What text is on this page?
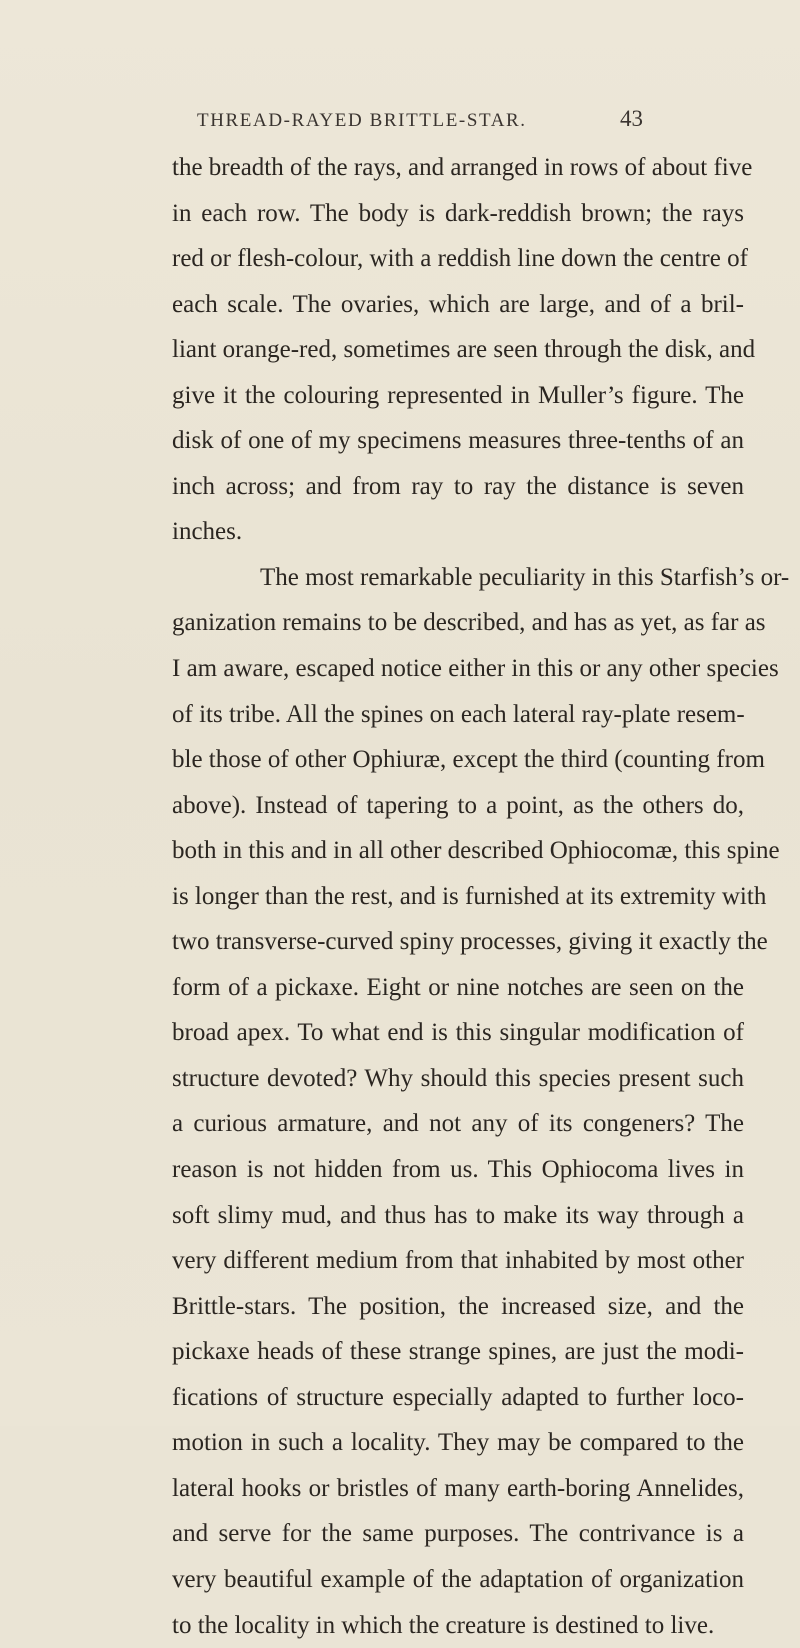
THREAD-RAYED BRITTLE-STAR.	43
the breadth of the rays, and arranged in rows of about five
in each row. The body is dark-reddish brown; the rays
red or flesh-colour, with a reddish line down the centre of
each scale. The ovaries, which are large, and of a bril-
liant orange-red, sometimes are seen through the disk, and
give it the colouring represented in Muller’s figure. The
disk of one of my specimens measures three-tenths of an
inch across; and from ray to ray the distance is seven
inches.
The most remarkable peculiarity in this Starfish’s or-
ganization remains to be described, and has as yet, as far as
I am aware, escaped notice either in this or any other species
of its tribe. All the spines on each lateral ray-plate resem-
ble those of other Ophiuræ, except the third (counting from
above). Instead of tapering to a point, as the others do,
both in this and in all other described Ophiocomæ, this spine
is longer than the rest, and is furnished at its extremity with
two transverse-curved spiny processes, giving it exactly the
form of a pickaxe. Eight or nine notches are seen on the
broad apex. To what end is this singular modification of
structure devoted? Why should this species present such
a curious armature, and not any of its congeners? The
reason is not hidden from us. This Ophiocoma lives in
soft slimy mud, and thus has to make its way through a
very different medium from that inhabited by most other
Brittle-stars. The position, the increased size, and the
pickaxe heads of these strange spines, are just the modi-
fications of structure especially adapted to further loco-
motion in such a locality. They may be compared to the
lateral hooks or bristles of many earth-boring Annelides,
and serve for the same purposes. The contrivance is a
very beautiful example of the adaptation of organization
to the locality in which the creature is destined to live.
